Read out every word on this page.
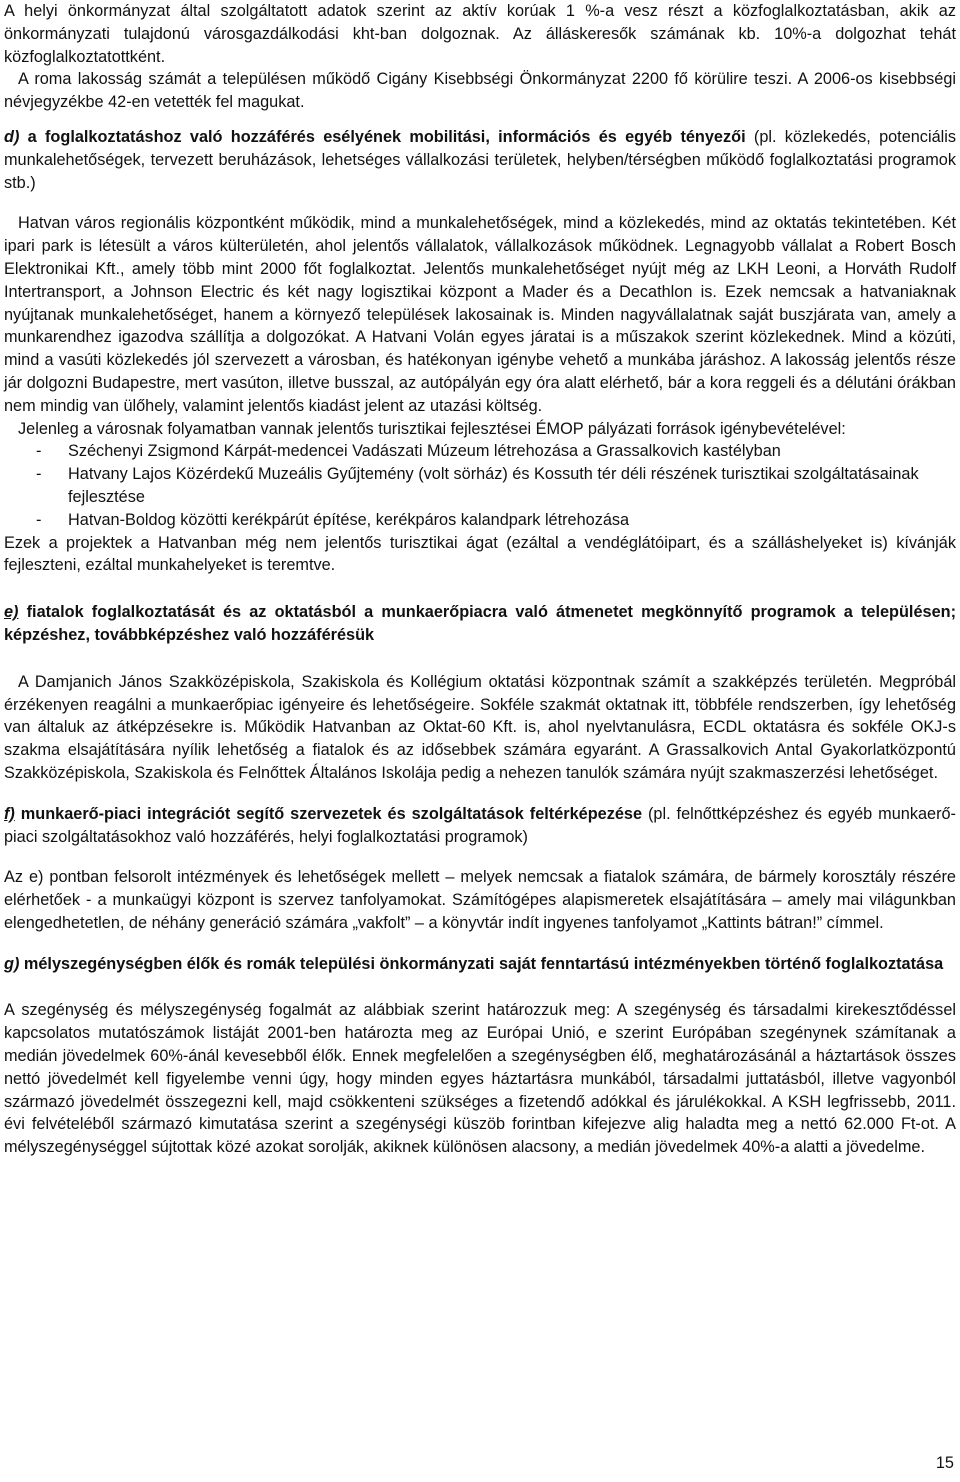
A helyi önkormányzat által szolgáltatott adatok szerint az aktív korúak 1 %-a vesz részt a közfoglalkoztatásban, akik az önkormányzati tulajdonú városgazdálkodási kht-ban dolgoznak. Az álláskeresők számának kb. 10%-a dolgozhat tehát közfoglalkoztatottként.

A roma lakosság számát a településen működő Cigány Kisebbségi Önkormányzat 2200 fő körülire teszi. A 2006-os kisebbségi névjegyzékbe 42-en vetették fel magukat.

d) a foglalkoztatáshoz való hozzáférés esélyének mobilitási, információs és egyéb tényezői (pl. közlekedés, potenciális munkalehetőségek, tervezett beruházások, lehetséges vállalkozási területek, helyben/térségben működő foglalkoztatási programok stb.)

Hatvan város regionális központként működik, mind a munkalehetőségek, mind a közlekedés, mind az oktatás tekintetében. Két ipari park is létesült a város külterületén, ahol jelentős vállalatok, vállalkozások működnek. Legnagyobb vállalat a Robert Bosch Elektronikai Kft., amely több mint 2000 főt foglalkoztat. Jelentős munkalehetőséget nyújt még az LKH Leoni, a Horváth Rudolf Intertransport, a Johnson Electric és két nagy logisztikai központ a Mader és a Decathlon is. Ezek nemcsak a hatvaniaknak nyújtanak munkalehetőséget, hanem a környező települések lakosainak is. Minden nagyvállalatnak saját buszjárata van, amely a munkarendhez igazodva szállítja a dolgozókat. A Hatvani Volán egyes járatai is a műszakok szerint közlekednek. Mind a közúti, mind a vasúti közlekedés jól szervezett a városban, és hatékonyan igénybe vehető a munkába járáshoz. A lakosság jelentős része jár dolgozni Budapestre, mert vasúton, illetve busszal, az autópályán egy óra alatt elérhető, bár a kora reggeli és a délutáni órákban nem mindig van ülőhely, valamint jelentős kiadást jelent az utazási költség.

Jelenleg a városnak folyamatban vannak jelentős turisztikai fejlesztései ÉMOP pályázati források igénybevételével:

- Széchenyi Zsigmond Kárpát-medencei Vadászati Múzeum létrehozása a Grassalkovich kastélyban
- Hatvany Lajos Közérdekű Muzeális Gyűjtemény (volt sörház) és Kossuth tér déli részének turisztikai szolgáltatásainak fejlesztése
- Hatvan-Boldog közötti kerékpárút építése, kerékpáros kalandpark létrehozása

Ezek a projektek a Hatvanban még nem jelentős turisztikai ágat (ezáltal a vendéglátóipart, és a szálláshelyeket is) kívánják fejleszteni, ezáltal munkahelyeket is teremtve.

e) fiatalok foglalkoztatását és az oktatásból a munkaerőpiacra való átmenetet megkönnyítő programok a településen; képzéshez, továbbképzéshez való hozzáférésük

A Damjanich János Szakközépiskola, Szakiskola és Kollégium oktatási központnak számít a szakképzés területén. Megpróbál érzékenyen reagálni a munkaerőpiac igényeire és lehetőségeire. Sokféle szakmát oktatnak itt, többféle rendszerben, így lehetőség van általuk az átképzésekre is. Működik Hatvanban az Oktat-60 Kft. is, ahol nyelvtanulásra, ECDL oktatásra és sokféle OKJ-s szakma elsajátítására nyílik lehetőség a fiatalok és az idősebbek számára egyaránt. A Grassalkovich Antal Gyakorlatközpontú Szakközépiskola, Szakiskola és Felnőttek Általános Iskolája pedig a nehezen tanulók számára nyújt szakmaszerzési lehetőséget.

f) munkaerő-piaci integrációt segítő szervezetek és szolgáltatások feltérképezése (pl. felnőttképzéshez és egyéb munkaerő-piaci szolgáltatásokhoz való hozzáférés, helyi foglalkoztatási programok)

Az e) pontban felsorolt intézmények és lehetőségek mellett – melyek nemcsak a fiatalok számára, de bármely korosztály részére elérhetőek - a munkaügyi központ is szervez tanfolyamokat. Számítógépes alapismeretek elsajátítására – amely mai világunkban elengedhetetlen, de néhány generáció számára „vakfolt” – a könyvtár indít ingyenes tanfolyamot „Kattints bátran!” címmel.

g) mélyszegénységben élők és romák települési önkormányzati saját fenntartású intézményekben történő foglalkoztatása

A szegénység és mélyszegénység fogalmát az alábbiak szerint határozzuk meg: A szegénység és társadalmi kirekesztődéssel kapcsolatos mutatószámok listáját 2001-ben határozta meg az Európai Unió, e szerint Európában szegénynek számítanak a medián jövedelmek 60%-ánál kevesebből élők. Ennek megfelelően a szegénységben élő, meghatározásánál a háztartások összes nettó jövedelmét kell figyelembe venni úgy, hogy minden egyes háztartásra munkából, társadalmi juttatásból, illetve vagyonból származó jövedelmét összegezni kell, majd csökkenteni szükséges a fizetendő adókkal és járulékokkal. A KSH legfrissebb, 2011. évi felvételéből származó kimutatása szerint a szegénységi küszöb forintban kifejezve alig haladta meg a nettó 62.000 Ft-ot. A mélyszegénységgel sújtottak közé azokat sorolják, akiknek különösen alacsony, a medián jövedelmek 40%-a alatti a jövedelme.

15
